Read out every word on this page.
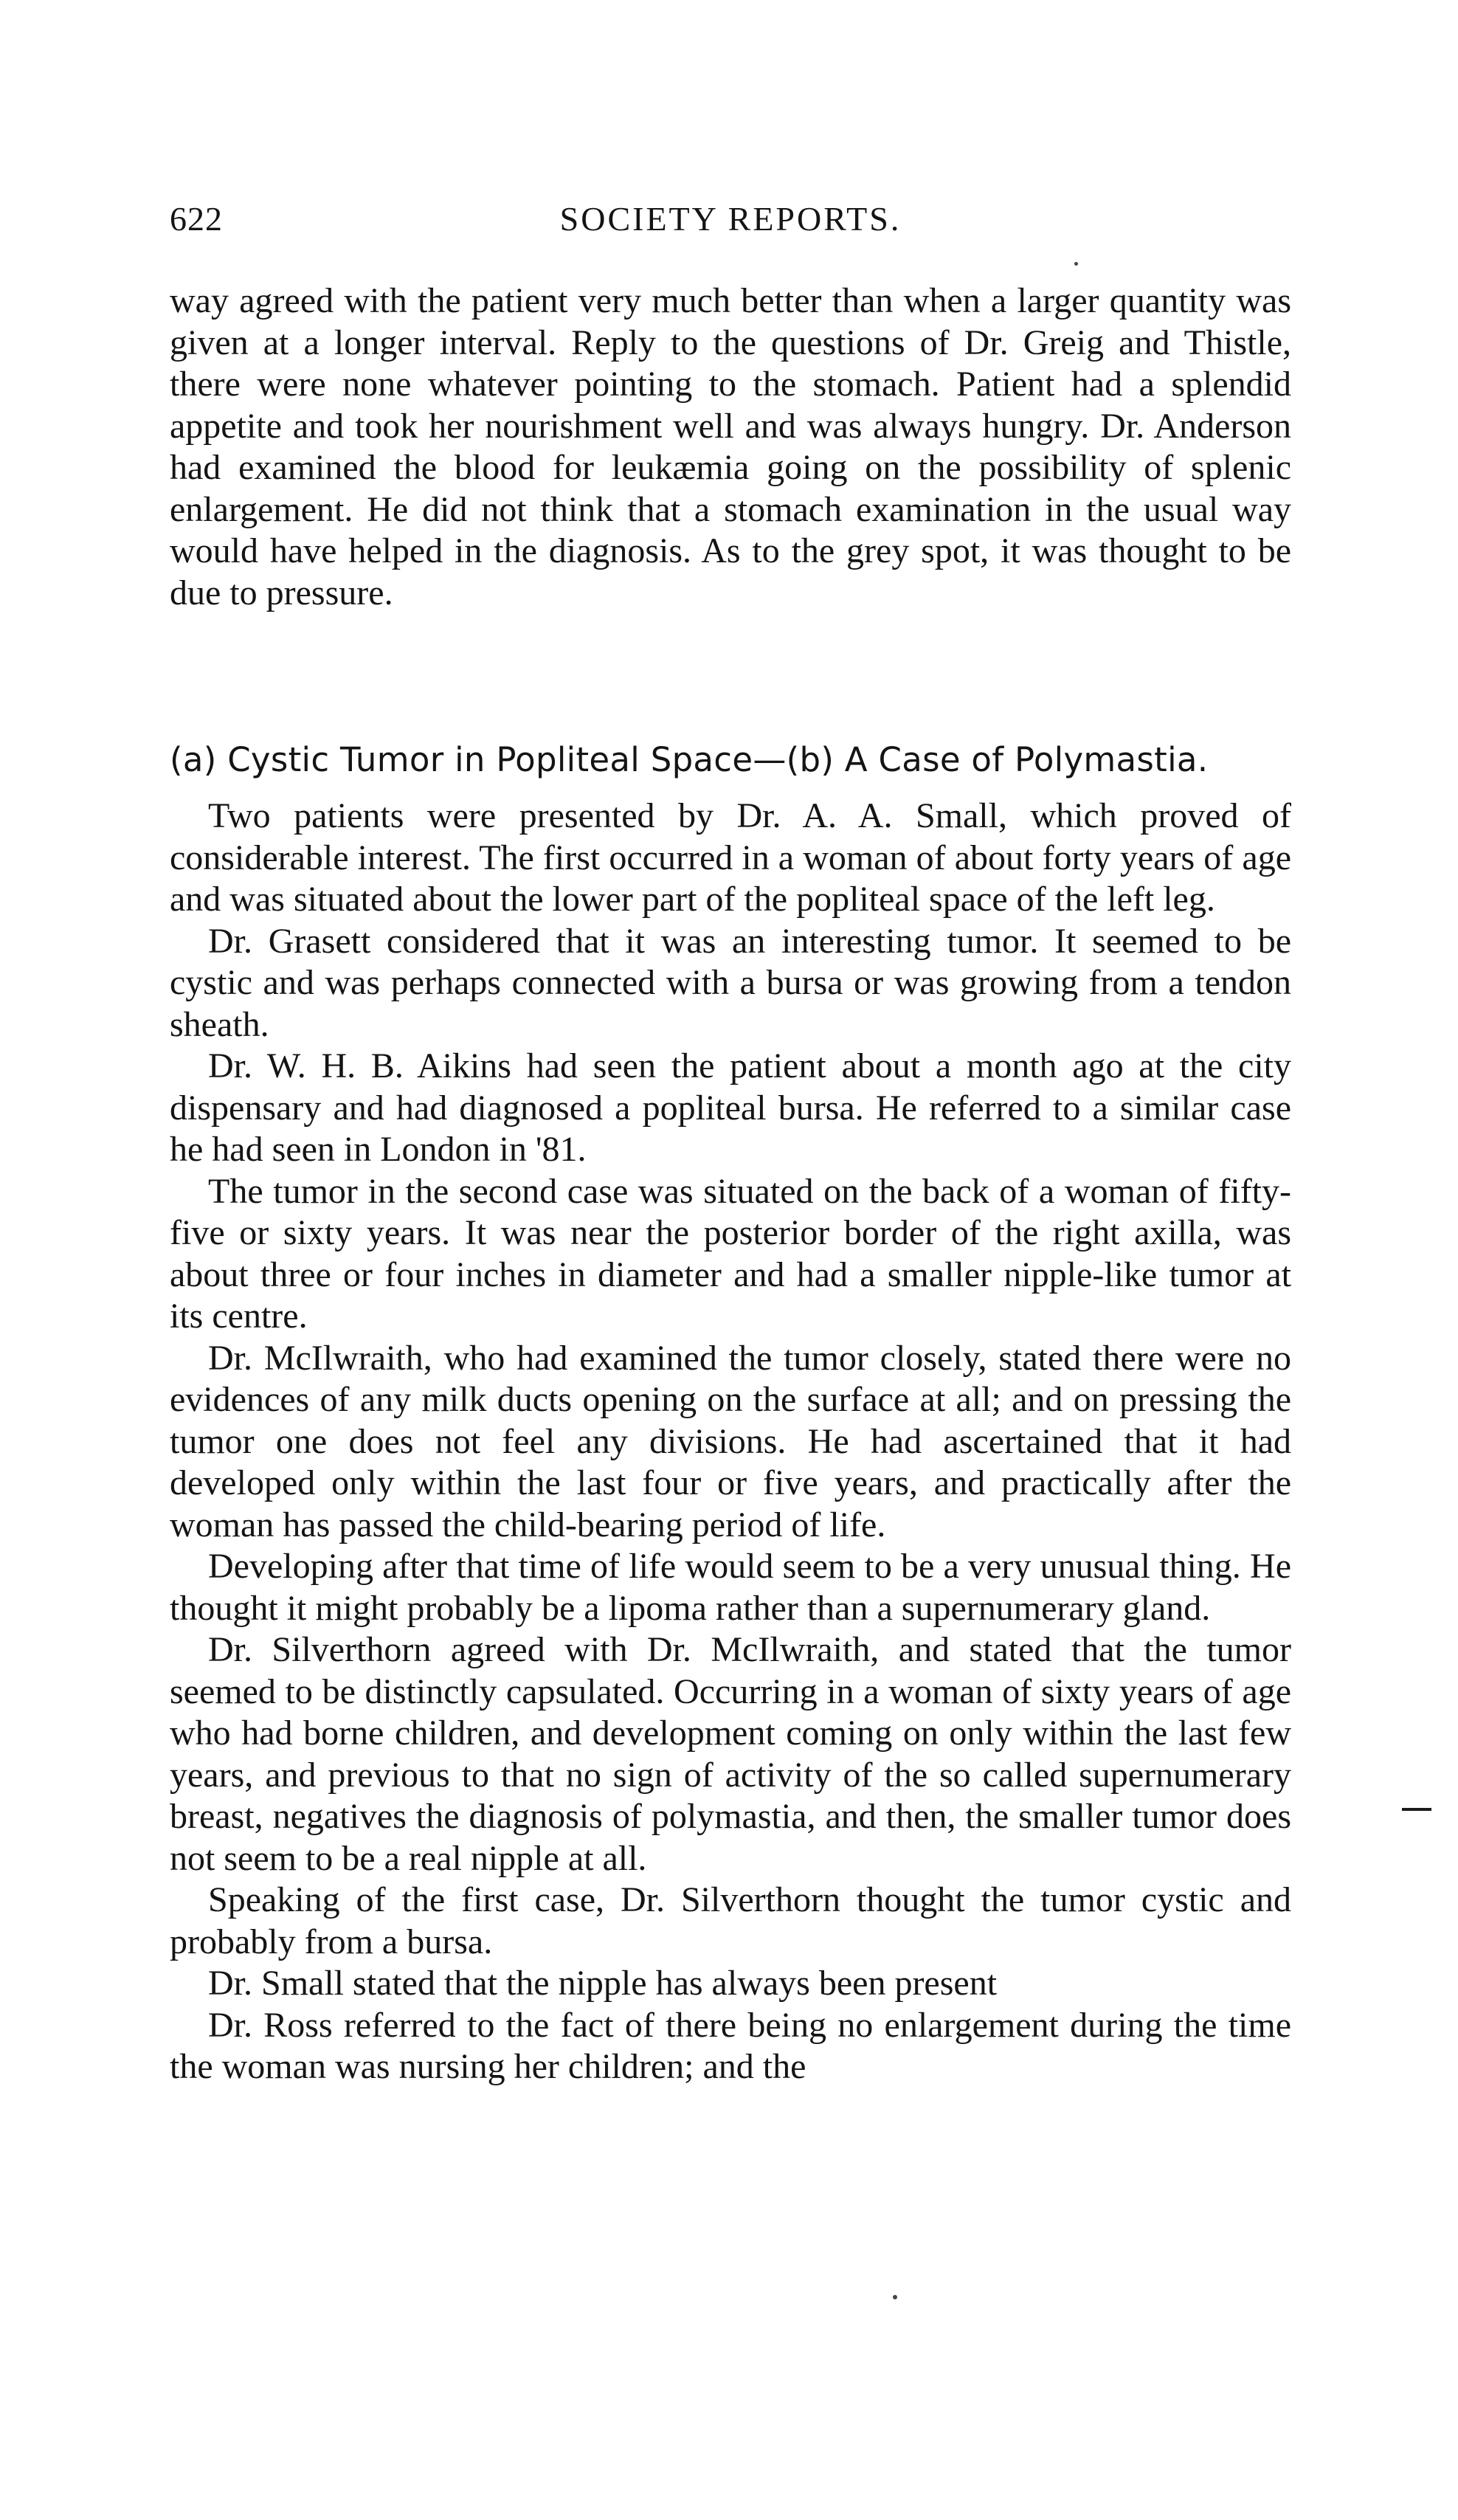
622	SOCIETY REPORTS.

way agreed with the patient very much better than when a larger quantity was given at a longer interval. Reply to the questions of Dr. Greig and Thistle, there were none whatever pointing to the stomach. Patient had a splendid appetite and took her nourishment well and was always hungry. Dr. Anderson had examined the blood for leukæmia going on the possibility of splenic enlargement. He did not think that a stomach examination in the usual way would have helped in the diagnosis. As to the grey spot, it was thought to be due to pressure.

(a) Cystic Tumor in Popliteal Space—(b) A Case of Polymastia.

Two patients were presented by Dr. A. A. Small, which proved of considerable interest. The first occurred in a woman of about forty years of age and was situated about the lower part of the popliteal space of the left leg.

Dr. Grasett considered that it was an interesting tumor. It seemed to be cystic and was perhaps connected with a bursa or was growing from a tendon sheath.

Dr. W. H. B. Aikins had seen the patient about a month ago at the city dispensary and had diagnosed a popliteal bursa. He referred to a similar case he had seen in London in '81.

The tumor in the second case was situated on the back of a woman of fifty-five or sixty years. It was near the posterior border of the right axilla, was about three or four inches in diameter and had a smaller nipple-like tumor at its centre.

Dr. McIlwraith, who had examined the tumor closely, stated there were no evidences of any milk ducts opening on the surface at all; and on pressing the tumor one does not feel any divisions. He had ascertained that it had developed only within the last four or five years, and practically after the woman has passed the child-bearing period of life.

Developing after that time of life would seem to be a very unusual thing. He thought it might probably be a lipoma rather than a supernumerary gland.

Dr. Silverthorn agreed with Dr. McIlwraith, and stated that the tumor seemed to be distinctly capsulated. Occurring in a woman of sixty years of age who had borne children, and development coming on only within the last few years, and previous to that no sign of activity of the so called supernumerary breast, negatives the diagnosis of polymastia, and then, the smaller tumor does not seem to be a real nipple at all.

Speaking of the first case, Dr. Silverthorn thought the tumor cystic and probably from a bursa.

Dr. Small stated that the nipple has always been present

Dr. Ross referred to the fact of there being no enlargement during the time the woman was nursing her children; and the
